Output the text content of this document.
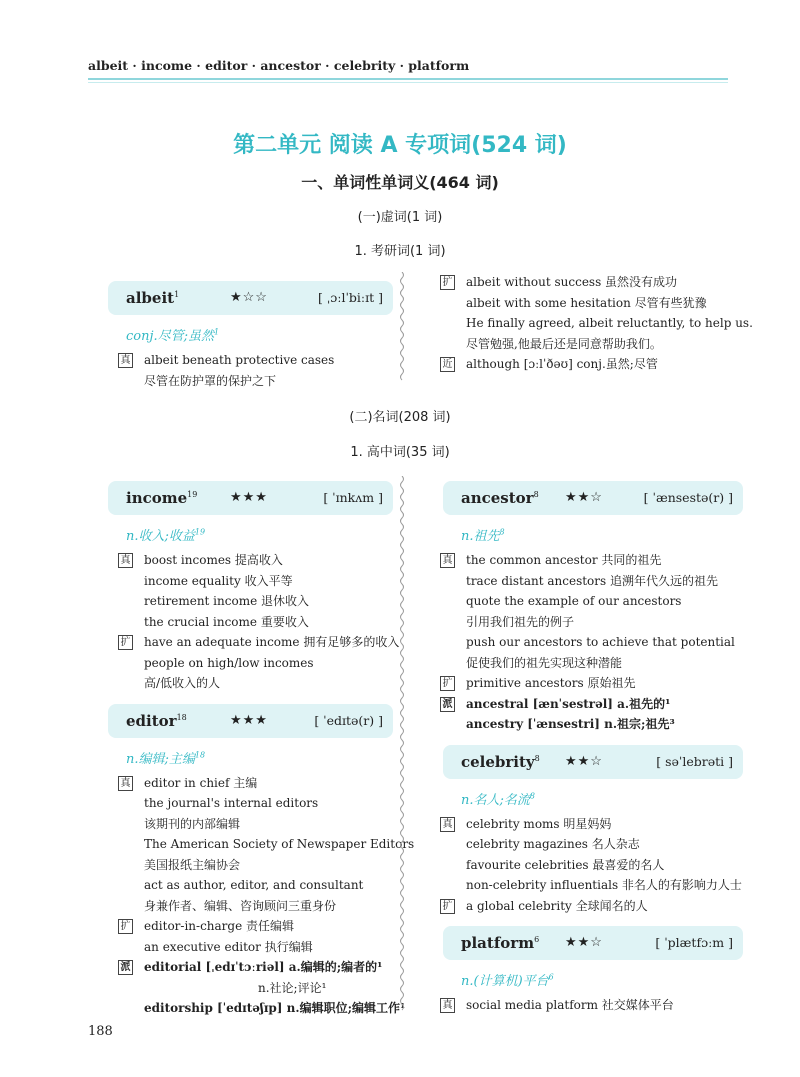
albeit · income · editor · ancestor · celebrity · platform
第二单元 阅读 A 专项词(524 词)
一、单词性单词义(464 词)
(一)虚词(1 词)
1. 考研词(1 词)
albeit$^1$	★☆☆	[ ˌɔːlˈbiːɪt ]
conj.尽管;虽然$^1$
真 albeit beneath protective cases
尽管在防护罩的保护之下
扩 albeit without success 虽然没有成功
albeit with some hesitation 尽管有些犹豫
He finally agreed, albeit reluctantly, to help us.
尽管勉强,他最后还是同意帮助我们。
近 although [ɔːlˈðəʊ] conj.虽然;尽管
(二)名词(208 词)
1. 高中词(35 词)
income$^{19}$	★★★	[ ˈɪnkʌm ]
n.收入;收益$^{19}$
真 boost incomes 提高收入
income equality 收入平等
retirement income 退休收入
the crucial income 重要收入
扩 have an adequate income 拥有足够多的收入
people on high/low incomes
高/低收入的人
editor$^{18}$	★★★	[ ˈedɪtə(r) ]
n.编辑;主编$^{18}$
真 editor in chief 主编
the journal's internal editors
该期刊的内部编辑
The American Society of Newspaper Editors
美国报纸主编协会
act as author, editor, and consultant
身兼作者、编辑、咨询顾问三重身份
扩 editor-in-charge 责任编辑
an executive editor 执行编辑
派 editorial [ˌedɪˈtɔːriəl] a.编辑的;编者的¹
n.社论;评论¹
editorship [ˈedɪtəʃɪp] n.编辑职位;编辑工作¹
ancestor$^8$ ★★☆	[ ˈænsestə(r) ]
n.祖先$^8$
真 the common ancestor 共同的祖先
trace distant ancestors 追溯年代久远的祖先
quote the example of our ancestors
引用我们祖先的例子
push our ancestors to achieve that potential
促使我们的祖先实现这种潜能
扩 primitive ancestors 原始祖先
派 ancestral [ænˈsestrəl] a.祖先的¹
ancestry [ˈænsestri] n.祖宗;祖先³
celebrity$^8$ ★★☆	[ səˈlebrəti ]
n.名人;名流$^8$
真 celebrity moms 明星妈妈
celebrity magazines 名人杂志
favourite celebrities 最喜爱的名人
non-celebrity influentials 非名人的有影响力人士
扩 a global celebrity 全球闻名的人
platform$^6$ ★★☆	[ ˈplætfɔːm ]
n.(计算机)平台$^6$
真 social media platform 社交媒体平台
188
